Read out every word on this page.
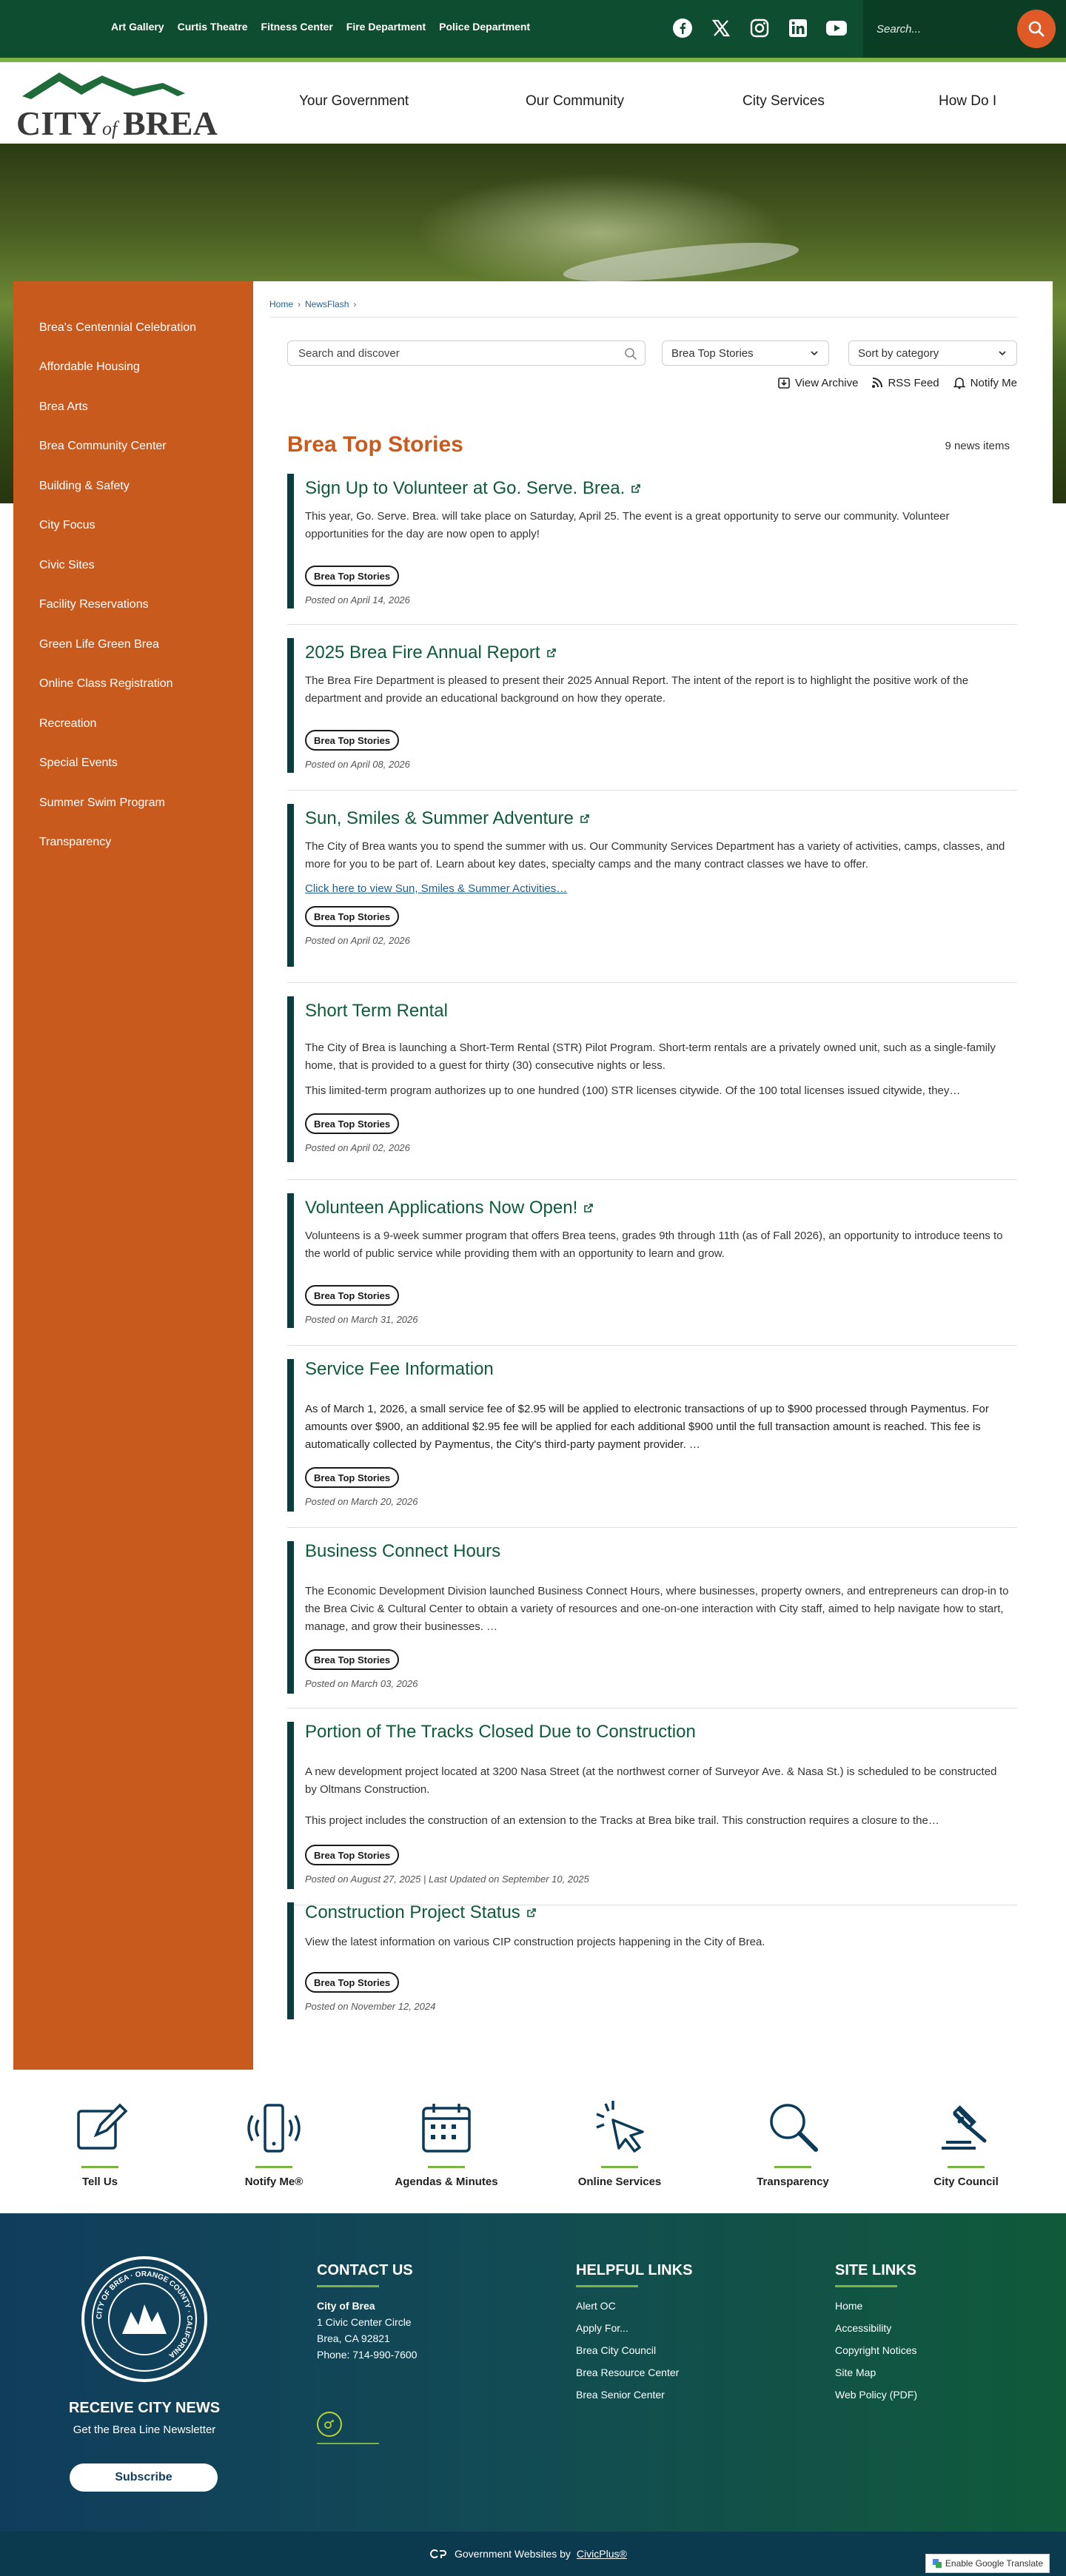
Art Gallery Curtis Theatre Fitness Center Fire Department Police Department
Search...
CITY of BREA
Your Government	Our Community	City Services	How Do I
Brea's Centennial Celebration
Affordable Housing
Brea Arts
Brea Community Center
Building & Safety
City Focus
Civic Sites
Facility Reservations
Green Life Green Brea
Online Class Registration
Recreation
Special Events
Summer Swim Program
Transparency
Home › NewsFlash ›
Search and discover	Brea Top Stories	Sort by category
View Archive	RSS Feed	Notify Me
Brea Top Stories	9 news items
Sign Up to Volunteer at Go. Serve. Brea.

This year, Go. Serve. Brea. will take place on Saturday, April 25. The event is a great opportunity to serve our community. Volunteer opportunities for the day are now open to apply!

Brea Top Stories
Posted on April 14, 2026
2025 Brea Fire Annual Report

The Brea Fire Department is pleased to present their 2025 Annual Report. The intent of the report is to highlight the positive work of the department and provide an educational background on how they operate.

Brea Top Stories
Posted on April 08, 2026
Sun, Smiles & Summer Adventure

The City of Brea wants you to spend the summer with us. Our Community Services Department has a variety of activities, camps, classes, and more for you to be part of. Learn about key dates, specialty camps and the many contract classes we have to offer.

Click here to view Sun, Smiles & Summer Activities…
Brea Top Stories
Posted on April 02, 2026
Short Term Rental

The City of Brea is launching a Short-Term Rental (STR) Pilot Program. Short-term rentals are a privately owned unit, such as a single-family home, that is provided to a guest for thirty (30) consecutive nights or less.

This limited-term program authorizes up to one hundred (100) STR licenses citywide. Of the 100 total licenses issued citywide, they…

Brea Top Stories
Posted on April 02, 2026
Volunteen Applications Now Open!

Volunteens is a 9-week summer program that offers Brea teens, grades 9th through 11th (as of Fall 2026), an opportunity to introduce teens to the world of public service while providing them with an opportunity to learn and grow.

Brea Top Stories
Posted on March 31, 2026
Service Fee Information

As of March 1, 2026, a small service fee of $2.95 will be applied to electronic transactions of up to $900 processed through Paymentus. For amounts over $900, an additional $2.95 fee will be applied for each additional $900 until the full transaction amount is reached. This fee is automatically collected by Paymentus, the City's third-party payment provider. …

Brea Top Stories
Posted on March 20, 2026
Business Connect Hours

The Economic Development Division launched Business Connect Hours, where businesses, property owners, and entrepreneurs can drop-in to the Brea Civic & Cultural Center to obtain a variety of resources and one-on-one interaction with City staff, aimed to help navigate how to start, manage, and grow their businesses. …

Brea Top Stories
Posted on March 03, 2026
Portion of The Tracks Closed Due to Construction

A new development project located at 3200 Nasa Street (at the northwest corner of Surveyor Ave. & Nasa St.) is scheduled to be constructed by Oltmans Construction.

This project includes the construction of an extension to the Tracks at Brea bike trail. This construction requires a closure to the…

Brea Top Stories
Posted on August 27, 2025 | Last Updated on September 10, 2025
Construction Project Status

View the latest information on various CIP construction projects happening in the City of Brea.

Brea Top Stories
Posted on November 12, 2024
Tell Us	Notify Me®	Agendas & Minutes	Online Services	Transparency	City Council
CITY OF BREA · ORANGE COUNTY · CALIFORNIA
RECEIVE CITY NEWS
Get the Brea Line Newsletter
Subscribe
CONTACT US

City of Brea

1 Civic Center Circle

Brea, CA 92821

Phone: 714-990-7600

HELPFUL LINKS
Alert OC
Apply For...
Brea City Council
Brea Resource Center
Brea Senior Center
SITE LINKS
Home
Accessibility
Copyright Notices
Site Map
Web Policy (PDF)
Government Websites by CivicPlus®
Enable Google Translate
